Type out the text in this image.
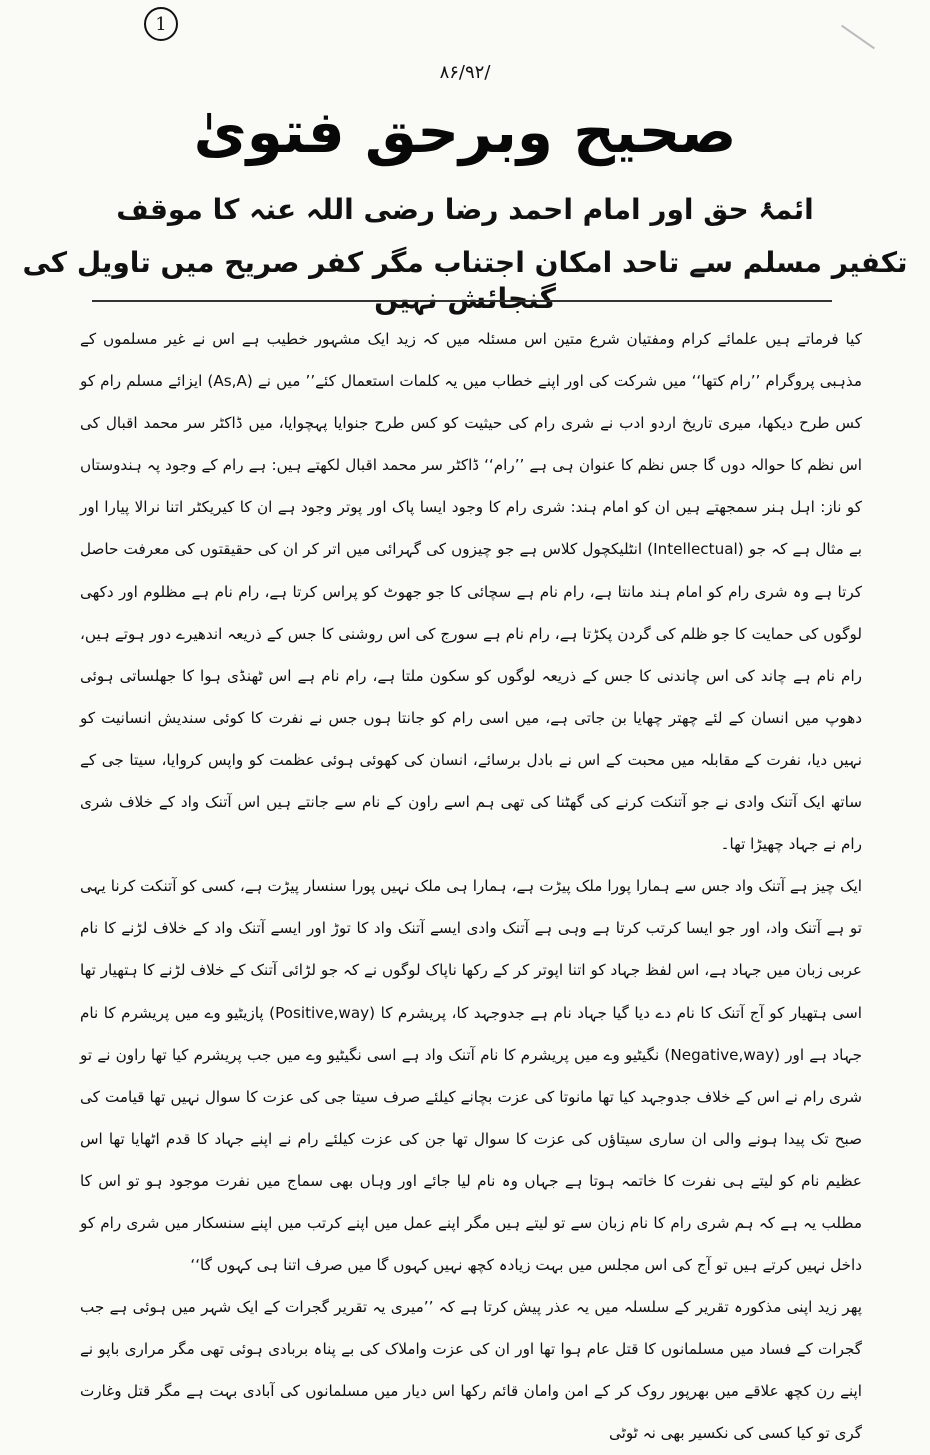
1
۸۶/۹۲/
صحیح وبرحق فتویٰ
ائمۂ حق اور امام احمد رضا رضی اللہ عنہ کا موقف
تکفیر مسلم سے تاحد امکان اجتناب مگر کفر صریح میں تاویل کی گنجائش نہیں

کیا فرماتے ہیں علمائے کرام ومفتیان شرع متین اس مسئلہ میں کہ زید ایک مشہور خطیب ہے اس نے غیر مسلموں کے مذہبی پروگرام ’’رام کتھا‘‘ میں شرکت کی اور اپنے خطاب میں یہ کلمات استعمال کئے’’ میں نے (As,A) ایزائے مسلم رام کو کس طرح دیکھا، میری تاریخ اردو ادب نے شری رام کی حیثیت کو کس طرح جنوایا پہچوایا، میں ڈاکٹر سر محمد اقبال کی اس نظم کا حوالہ دوں گا جس نظم کا عنوان ہی ہے ’’رام‘‘ ڈاکٹر سر محمد اقبال لکھتے ہیں: ہے رام کے وجود پہ ہندوستاں کو ناز: اہل ہنر سمجھتے ہیں ان کو امام ہند: شری رام کا وجود ایسا پاک اور پوتر وجود ہے ان کا کیریکٹر اتنا نرالا پیارا اور بے مثال ہے کہ جو (Intellectual) انٹلیکچول کلاس ہے جو چیزوں کی گہرائی میں اتر کر ان کی حقیقتوں کی معرفت حاصل کرتا ہے وہ شری رام کو امام ہند مانتا ہے، رام نام ہے سچائی کا جو جھوٹ کو پراس کرتا ہے، رام نام ہے مظلوم اور دکھی لوگوں کی حمایت کا جو ظلم کی گردن پکڑتا ہے، رام نام ہے سورج کی اس روشنی کا جس کے ذریعہ اندھیرے دور ہوتے ہیں، رام نام ہے چاند کی اس چاندنی کا جس کے ذریعہ لوگوں کو سکون ملتا ہے، رام نام ہے اس ٹھنڈی ہوا کا جھلساتی ہوئی دھوپ میں انسان کے لئے چھتر چھایا بن جاتی ہے، میں اسی رام کو جانتا ہوں جس نے نفرت کا کوئی سندیش انسانیت کو نہیں دیا، نفرت کے مقابلہ میں محبت کے اس نے بادل برسائے، انسان کی کھوئی ہوئی عظمت کو واپس کروایا، سیتا جی کے ساتھ ایک آتنک وادی نے جو آتنکت کرنے کی گھٹنا کی تھی ہم اسے راون کے نام سے جانتے ہیں اس آتنک واد کے خلاف شری رام نے جہاد چھیڑا تھا۔

ایک چیز ہے آتنک واد جس سے ہمارا پورا ملک پیڑت ہے، ہمارا ہی ملک نہیں پورا سنسار پیڑت ہے، کسی کو آتنکت کرنا یہی تو ہے آتنک واد، اور جو ایسا کرتب کرتا ہے وہی ہے آتنک وادی ایسے آتنک واد کا توڑ اور ایسے آتنک واد کے خلاف لڑنے کا نام عربی زبان میں جہاد ہے، اس لفظ جہاد کو اتنا اپوتر کر کے رکھا ناپاک لوگوں نے کہ جو لڑائی آتنک کے خلاف لڑنے کا ہتھیار تھا اسی ہتھیار کو آج آتنک کا نام دے دیا گیا جہاد نام ہے جدوجہد کا، پریشرم کا (Positive,way) پازیٹیو وے میں پریشرم کا نام جہاد ہے اور (Negative,way) نگیٹیو وے میں پریشرم کا نام آتنک واد ہے اسی نگیٹیو وے میں جب پریشرم کیا تھا راون نے تو شری رام نے اس کے خلاف جدوجہد کیا تھا مانوتا کی عزت بچانے کیلئے صرف سیتا جی کی عزت کا سوال نہیں تھا قیامت کی صبح تک پیدا ہونے والی ان ساری سیتاؤں کی عزت کا سوال تھا جن کی عزت کیلئے رام نے اپنے جہاد کا قدم اٹھایا تھا اس عظیم نام کو لیتے ہی نفرت کا خاتمہ ہوتا ہے جہاں وہ نام لیا جائے اور وہاں بھی سماج میں نفرت موجود ہو تو اس کا مطلب یہ ہے کہ ہم شری رام کا نام زبان سے تو لیتے ہیں مگر اپنے عمل میں اپنے کرتب میں اپنے سنسکار میں شری رام کو داخل نہیں کرتے ہیں تو آج کی اس مجلس میں بہت زیادہ کچھ نہیں کہوں گا میں صرف اتنا ہی کہوں گا‘‘

پھر زید اپنی مذکورہ تقریر کے سلسلہ میں یہ عذر پیش کرتا ہے کہ ’’میری یہ تقریر گجرات کے ایک شہر میں ہوئی ہے جب گجرات کے فساد میں مسلمانوں کا قتل عام ہوا تھا اور ان کی عزت واملاک کی بے پناہ بربادی ہوئی تھی مگر مراری باپو نے اپنے رن کچھ علاقے میں بھرپور روک کر کے امن وامان قائم رکھا اس دیار میں مسلمانوں کی آبادی بہت ہے مگر قتل وغارت گری تو کیا کسی کی نکسیر بھی نہ ٹوٹی
